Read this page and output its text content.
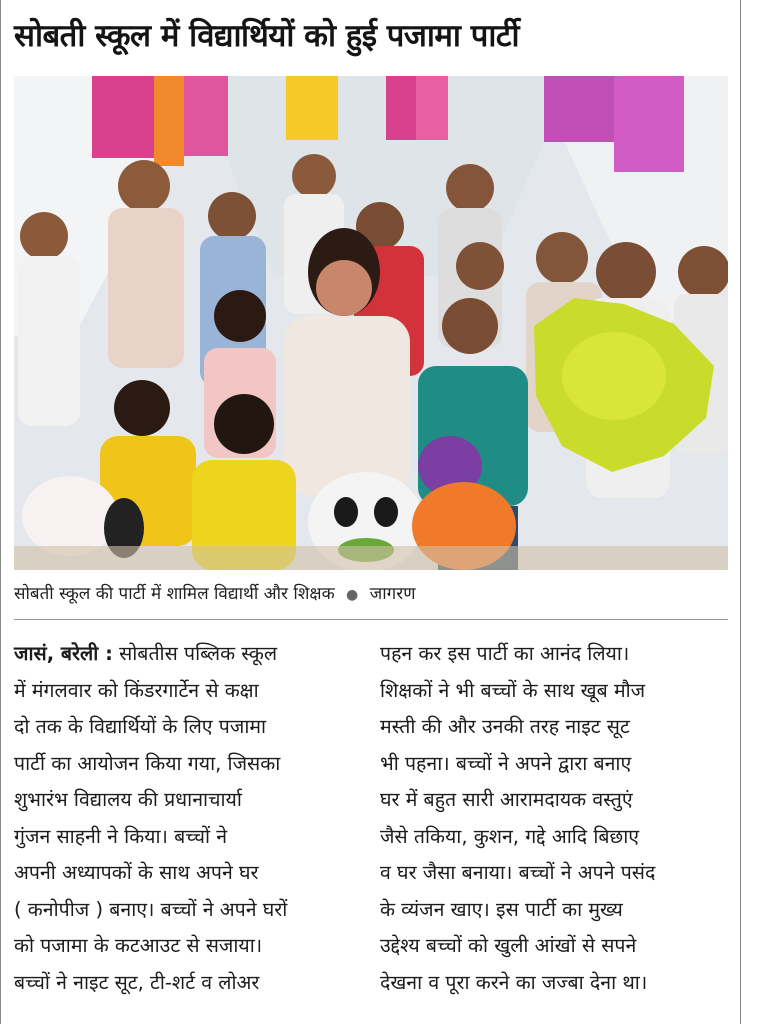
सोबती स्कूल में विद्यार्थियों को हुई पजामा पार्टी
सोबती स्कूल की पार्टी में शामिल विद्यार्थी और शिक्षक ● जागरण

जासं, बरेली : सोबतीस पब्लिक स्कूल

में मंगलवार को किंडरगार्टेन से कक्षा

दो तक के विद्यार्थियों के लिए पजामा

पार्टी का आयोजन किया गया, जिसका

शुभारंभ विद्यालय की प्रधानाचार्या

गुंजन साहनी ने किया। बच्चों ने

अपनी अध्यापकों के साथ अपने घर

( कनोपीज ) बनाए। बच्चों ने अपने घरों

को पजामा के कटआउट से सजाया।

बच्चों ने नाइट सूट, टी-शर्ट व लोअर

पहन कर इस पार्टी का आनंद लिया।

शिक्षकों ने भी बच्चों के साथ खूब मौज

मस्ती की और उनकी तरह नाइट सूट

भी पहना। बच्चों ने अपने द्वारा बनाए

घर में बहुत सारी आरामदायक वस्तुएं

जैसे तकिया, कुशन, गद्दे आदि बिछाए

व घर जैसा बनाया। बच्चों ने अपने पसंद

के व्यंजन खाए। इस पार्टी का मुख्य

उद्देश्य बच्चों को खुली आंखों से सपने

देखना व पूरा करने का जज्बा देना था।
